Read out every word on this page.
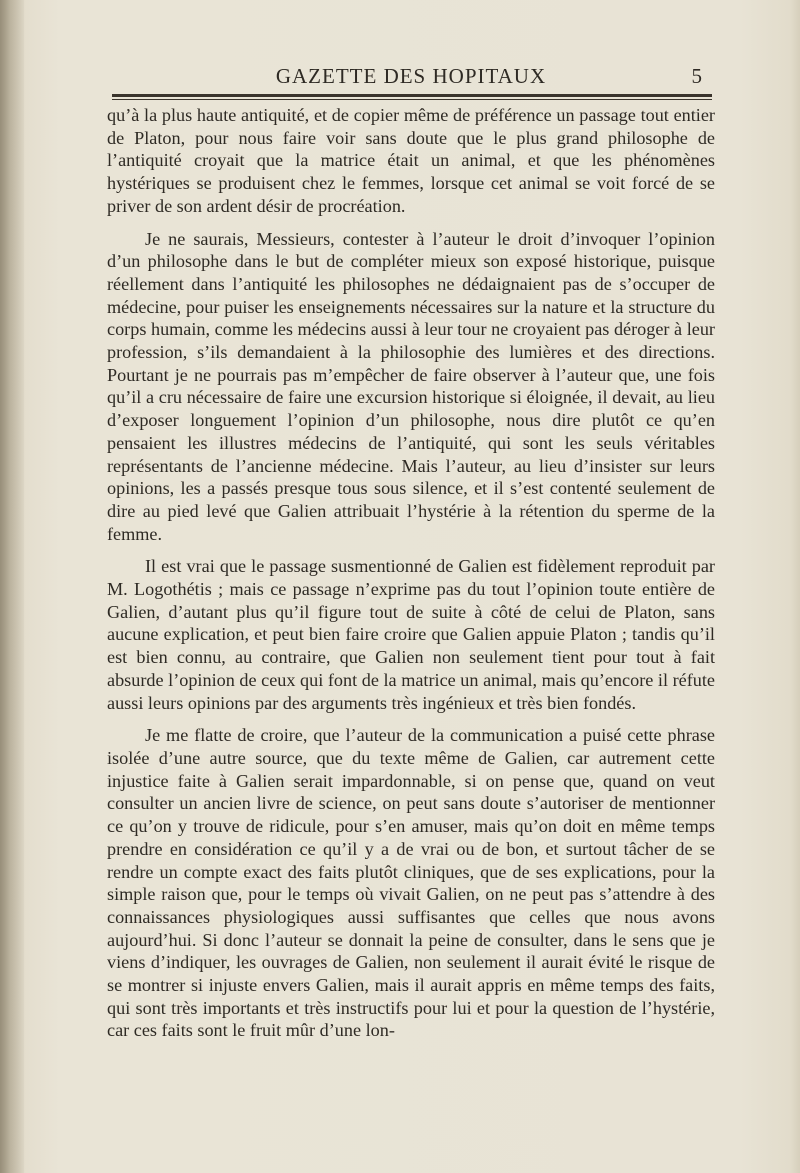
GAZETTE DES HOPITAUX	5

qu’à la plus haute antiquité, et de copier même de préférence un passage tout entier de Platon, pour nous faire voir sans doute que le plus grand philosophe de l’antiquité croyait que la matrice était un animal, et que les phénomènes hystériques se produisent chez le femmes, lorsque cet animal se voit forcé de se priver de son ardent désir de procréation.

Je ne saurais, Messieurs, contester à l’auteur le droit d’invoquer l’opinion d’un philosophe dans le but de compléter mieux son exposé historique, puisque réellement dans l’antiquité les philosophes ne dédaignaient pas de s’occuper de médecine, pour puiser les enseignements nécessaires sur la nature et la structure du corps humain, comme les médecins aussi à leur tour ne croyaient pas déroger à leur profession, s’ils demandaient à la philosophie des lumières et des directions. Pourtant je ne pourrais pas m’empêcher de faire observer à l’auteur que, une fois qu’il a cru nécessaire de faire une excursion historique si éloignée, il devait, au lieu d’exposer longuement l’opinion d’un philosophe, nous dire plutôt ce qu’en pensaient les illustres médecins de l’antiquité, qui sont les seuls véritables représentants de l’ancienne médecine. Mais l’auteur, au lieu d’insister sur leurs opinions, les a passés presque tous sous silence, et il s’est contenté seulement de dire au pied levé que Galien attribuait l’hystérie à la rétention du sperme de la femme.

Il est vrai que le passage susmentionné de Galien est fidèlement reproduit par M. Logothétis ; mais ce passage n’exprime pas du tout l’opinion toute entière de Galien, d’autant plus qu’il figure tout de suite à côté de celui de Platon, sans aucune explication, et peut bien faire croire que Galien appuie Platon ; tandis qu’il est bien connu, au contraire, que Galien non seulement tient pour tout à fait absurde l’opinion de ceux qui font de la matrice un animal, mais qu’encore il réfute aussi leurs opinions par des arguments très ingénieux et très bien fondés.

Je me flatte de croire, que l’auteur de la communication a puisé cette phrase isolée d’une autre source, que du texte même de Galien, car autrement cette injustice faite à Galien serait impardonnable, si on pense que, quand on veut consulter un ancien livre de science, on peut sans doute s’autoriser de mentionner ce qu’on y trouve de ridicule, pour s’en amuser, mais qu’on doit en même temps prendre en considération ce qu’il y a de vrai ou de bon, et surtout tâcher de se rendre un compte exact des faits plutôt cliniques, que de ses explications, pour la simple raison que, pour le temps où vivait Galien, on ne peut pas s’attendre à des connaissances physiologiques aussi suffisantes que celles que nous avons aujourd’hui. Si donc l’auteur se donnait la peine de consulter, dans le sens que je viens d’indiquer, les ouvrages de Galien, non seulement il aurait évité le risque de se montrer si injuste envers Galien, mais il aurait appris en même temps des faits, qui sont très importants et très instructifs pour lui et pour la question de l’hystérie, car ces faits sont le fruit mûr d’une lon-
